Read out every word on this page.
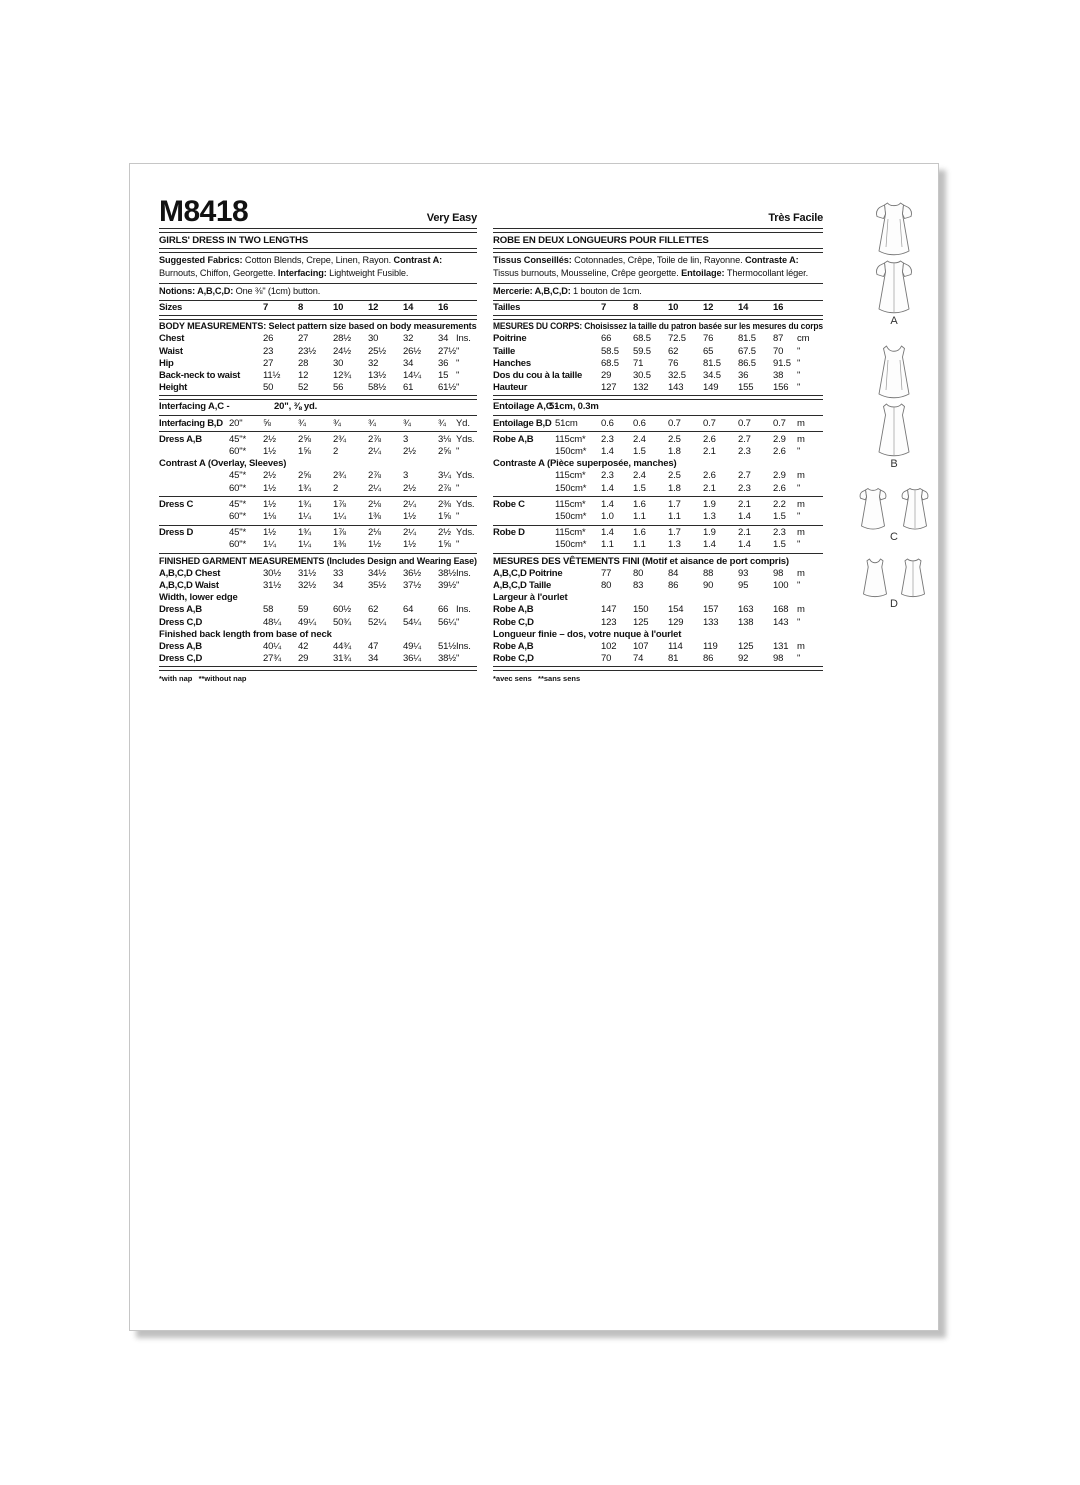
M8418	Very Easy
GIRLS' DRESS IN TWO LENGTHS
Suggested Fabrics: Cotton Blends, Crepe, Linen, Rayon. Contrast A: Burnouts, Chiffon, Georgette. Interfacing: Lightweight Fusible.
Notions: A,B,C,D: One ⅜" (1cm) button.
Sizes	7	8	10	12	14	16
BODY MEASUREMENTS: Select pattern size based on body measurements
Chest	26	27	28½	30	32	34 Ins.
Waist	23	23½	24½	25½	26½	27½ "
Hip	27	28	30	32	34	36 "
Back-neck to waist	11½	12	12¾	13½	14¼	15 "
Height	50	52	56	58½	61	61½ "
Interfacing A,C -	20", ⅜ yd.
Interfacing B,D 20"	⅝	¾	¾	¾	¾	¾	Yd.
Dress A,B	45"*	2½	2⅝	2¾	2⅞	3	3⅛ Yds.
60"*	1½	1⅝	2	2¼	2½	2⅝ "
Contrast A (Overlay, Sleeves)
45"*	2½	2⅝	2¾	2⅞	3	3¼ Yds.
60"*	1½	1¾	2	2¼	2½	2⅞ "
Dress C	45"*	1½	1¾	1⅞	2⅛	2¼	2⅜ Yds.
60"*	1⅛	1¼	1¼	1⅜	1½	1⅝ "
Dress D	45"*	1½	1¾	1⅞	2⅛	2¼	2½ Yds.
60"*	1¼	1¼	1⅜	1½	1½	1⅝ "
FINISHED GARMENT MEASUREMENTS (Includes Design and Wearing Ease)
A,B,C,D Chest	30½	31½	33	34½	36½	38½ Ins.
A,B,C,D Waist	31½	32½	34	35½	37½	39½ "
Width, lower edge
Dress A,B	58	59	60½	62	64	66 Ins.
Dress C,D	48¼	49¼	50¾	52¼	54¼	56¼ "
Finished back length from base of neck
Dress A,B	40¼	42	44¾	47	49¼	51½ Ins.
Dress C,D	27¾	29	31¾	34	36¼	38½ "
*with nap   **without nap
Très Facile
ROBE EN DEUX LONGUEURS POUR FILLETTES
Tissus Conseillés: Cotonnades, Crêpe, Toile de lin, Rayonne. Contraste A: Tissus burnouts, Mousseline, Crêpe georgette. Entoilage: Thermocollant léger.
Mercerie: A,B,C,D: 1 bouton de 1cm.
Tailles	7	8	10	12	14	16
MESURES DU CORPS: Choisissez la taille du patron basée sur les mesures du corps
Poitrine	66	68.5	72.5	76	81.5	87	cm
Taille	58.5	59.5	62	65	67.5	70	"
Hanches	68.5	71	76	81.5	86.5	91.5 "
Dos du cou à la taille	29	30.5	32.5	34.5	36	38	"
Hauteur	127	132	143	149	155	156 "
Entoilage A,C -
51cm, 0.3m
Entoilage B,D 51cm	0.6	0.6	0.7	0.7	0.7	0.7	m
Robe A,B	115cm*	2.3	2.4	2.5	2.6	2.7	2.9	m
150cm*	1.4	1.5	1.8	2.1	2.3	2.6	"
Contraste A (Pièce superposée, manches)
115cm*	2.3	2.4	2.5	2.6	2.7	2.9	m
150cm*	1.4	1.5	1.8	2.1	2.3	2.6	"
Robe C	115cm*	1.4	1.6	1.7	1.9	2.1	2.2	m
150cm*	1.0	1.1	1.1	1.3	1.4	1.5	"
Robe D	115cm*	1.4	1.6	1.7	1.9	2.1	2.3	m
150cm*	1.1	1.1	1.3	1.4	1.4	1.5	"
MESURES DES VÊTEMENTS FINI (Motif et aisance de port compris)
A,B,C,D Poitrine	77	80	84	88	93	98	m
A,B,C,D Taille	80	83	86	90	95	100 "
Largeur à l'ourlet
Robe A,B	147	150	154	157	163	168 m
Robe C,D	123	125	129	133	138	143 "
Longueur finie – dos, votre nuque à l'ourlet
Robe A,B	102	107	114	119	125	131 m
Robe C,D	70	74	81	86	92	98	"
*avec sens   **sans sens
A
B
C
D
